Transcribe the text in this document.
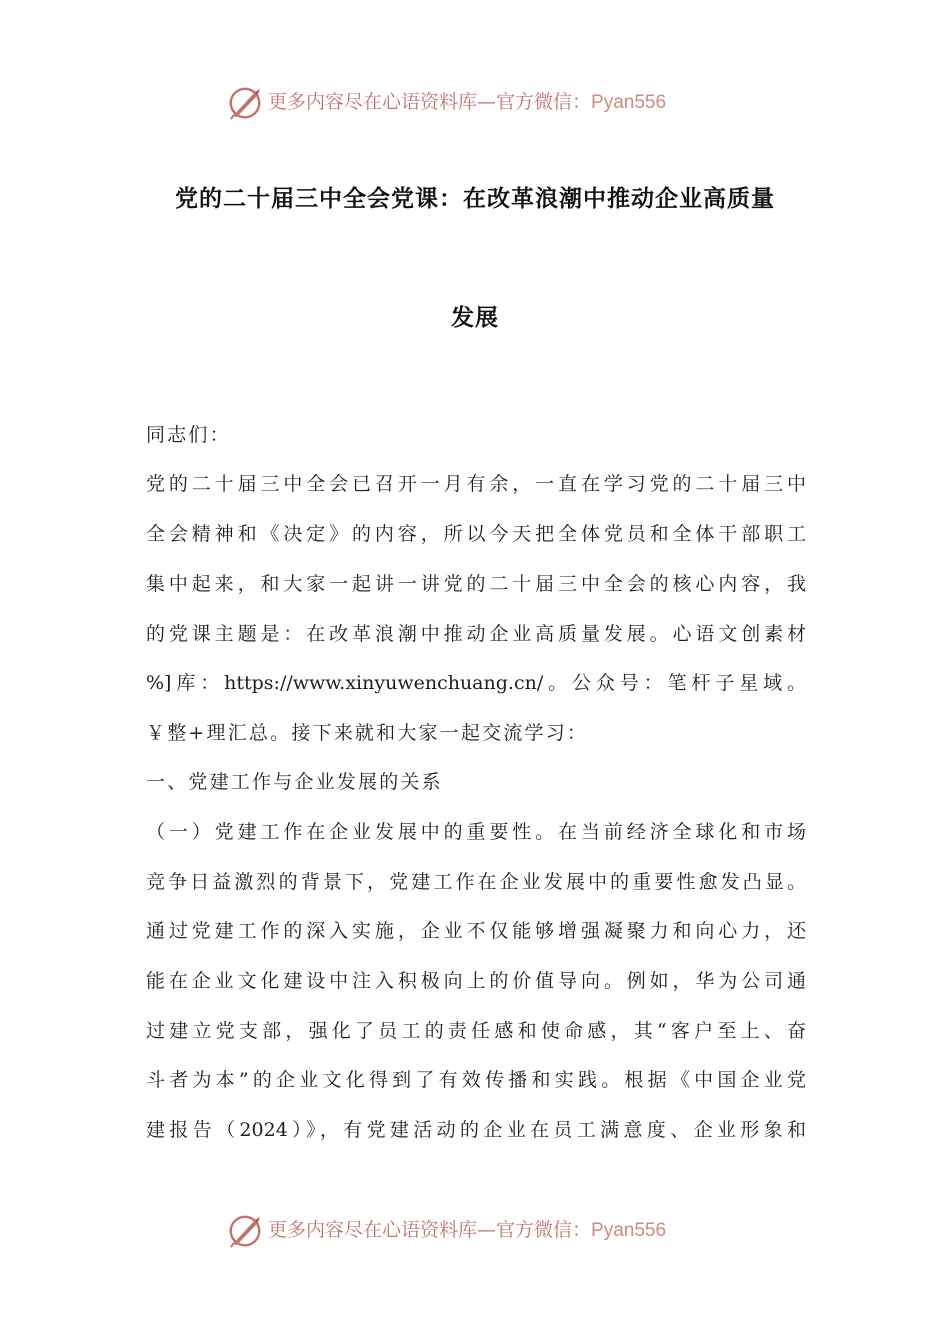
更多内容尽在心语资料库—官方微信：Pyan556
党的二十届三中全会党课：在改革浪潮中推动企业高质量
发展
同志们：
党的二十届三中全会已召开一月有余，一直在学习党的二十届三中
全会精神和《决定》的内容，所以今天把全体党员和全体干部职工
集中起来，和大家一起讲一讲党的二十届三中全会的核心内容，我
的党课主题是：在改革浪潮中推动企业高质量发展。心语文创素材
%]库：https://www.xinyuwenchuang.cn/。公众号：笔杆子星域。
￥整+理汇总。接下来就和大家一起交流学习：
一、党建工作与企业发展的关系
（一）党建工作在企业发展中的重要性。在当前经济全球化和市场
竞争日益激烈的背景下，党建工作在企业发展中的重要性愈发凸显。
通过党建工作的深入实施，企业不仅能够增强凝聚力和向心力，还
能在企业文化建设中注入积极向上的价值导向。例如，华为公司通
过建立党支部，强化了员工的责任感和使命感，其“客户至上、奋
斗者为本”的企业文化得到了有效传播和实践。根据《中国企业党
建报告（2024）》，有党建活动的企业在员工满意度、企业形象和
更多内容尽在心语资料库—官方微信：Pyan556
